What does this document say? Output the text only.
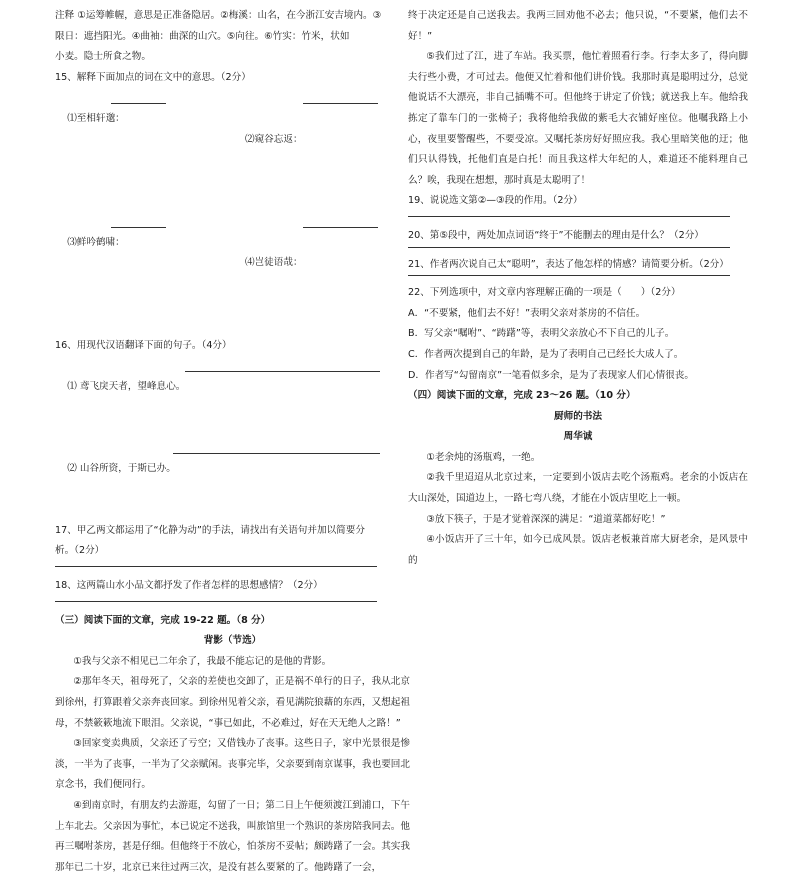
注释 ①运筹帷幄，意思是正准备隐居。②梅溪：山名，在今浙江安吉境内。③

限日：遮挡阳光。④曲袖：曲深的山穴。⑤向往。⑥竹实：竹米，状如

小麦。隐士所食之物。

15、解释下面加点的词在文中的意思。（2分）

⑴至相轩邈：

⑵窥谷忘返：

⑶鲜吟鹤啸：

⑷岂徒语哉：

16、用现代汉语翻译下面的句子。（4分）

⑴ 鸢飞戾天者，望峰息心。

⑵ 山谷所资，于斯已办。

17、甲乙两文都运用了“化静为动”的手法，请找出有关语句并加以简要分

析。（2分）

18、这两篇山水小品文都抒发了作者怎样的思想感情？（2分）

（三）阅读下面的文章，完成 19-22 题。（8 分）

背影（节选）

①我与父亲不相见已二年余了，我最不能忘记的是他的背影。

②那年冬天，祖母死了，父亲的差使也交卸了，正是祸不单行的日子，我从北京到徐州，打算跟着父亲奔丧回家。到徐州见着父亲，看见满院狼藉的东西，又想起祖母，不禁簌簌地流下眼泪。父亲说，“事已如此，不必难过，好在天无绝人之路！”

③回家变卖典质，父亲还了亏空；又借钱办了丧事。这些日子，家中光景很是惨淡，一半为了丧事，一半为了父亲赋闲。丧事完毕，父亲要到南京谋事，我也要回北京念书，我们便同行。

④到南京时，有朋友约去游逛，勾留了一日；第二日上午便须渡江到浦口，下午上车北去。父亲因为事忙，本已说定不送我，叫旅馆里一个熟识的茶房陪我同去。他再三嘱咐茶房，甚是仔细。但他终于不放心，怕茶房不妥帖；颇踌躇了一会。其实我那年已二十岁，北京已来往过两三次，是没有甚么要紧的了。他踌躇了一会，

终于决定还是自己送我去。我两三回劝他不必去；他只说，“不要紧，他们去不好！”

⑤我们过了江，进了车站。我买票，他忙着照看行李。行李太多了，得向脚夫行些小费，才可过去。他便又忙着和他们讲价钱。我那时真是聪明过分，总觉他说话不大漂亮，非自己插嘴不可。但他终于讲定了价钱；就送我上车。他给我拣定了靠车门的一张椅子；我将他给我做的紫毛大衣铺好座位。他嘱我路上小心，夜里要警醒些，不要受凉。又嘱托茶房好好照应我。我心里暗笑他的迂；他们只认得钱，托他们直是白托！而且我这样大年纪的人，难道还不能料理自己么？唉，我现在想想，那时真是太聪明了！

19、说说选文第②—③段的作用。（2分）

20、第⑤段中，两处加点词语“终于”不能删去的理由是什么？（2分）

21、作者两次说自己太“聪明”，表达了他怎样的情感？请简要分析。（2分）

22、下列选项中，对文章内容理解正确的一项是（　　）（2分）

A．“不要紧，他们去不好！”表明父亲对茶房的不信任。

B．写父亲“嘱咐”、“踌躇”等，表明父亲放心不下自己的儿子。

C．作者两次提到自己的年龄，是为了表明自己已经长大成人了。

D．作者写“勾留南京”一笔看似多余，是为了表现家人们心情很丧。

（四）阅读下面的文章，完成 23～26 题。（10 分）

厨师的书法

周华诚

①老余炖的汤瓶鸡，一绝。

②我千里迢迢从北京过来，一定要到小饭店去吃个汤瓶鸡。老余的小饭店在大山深处，国道边上，一路七弯八绕，才能在小饭店里吃上一顿。

③放下筷子，于是才觉着深深的满足：“道道菜都好吃！”

④小饭店开了三十年，如今已成风景。饭店老板兼首席大厨老余，是风景中的
